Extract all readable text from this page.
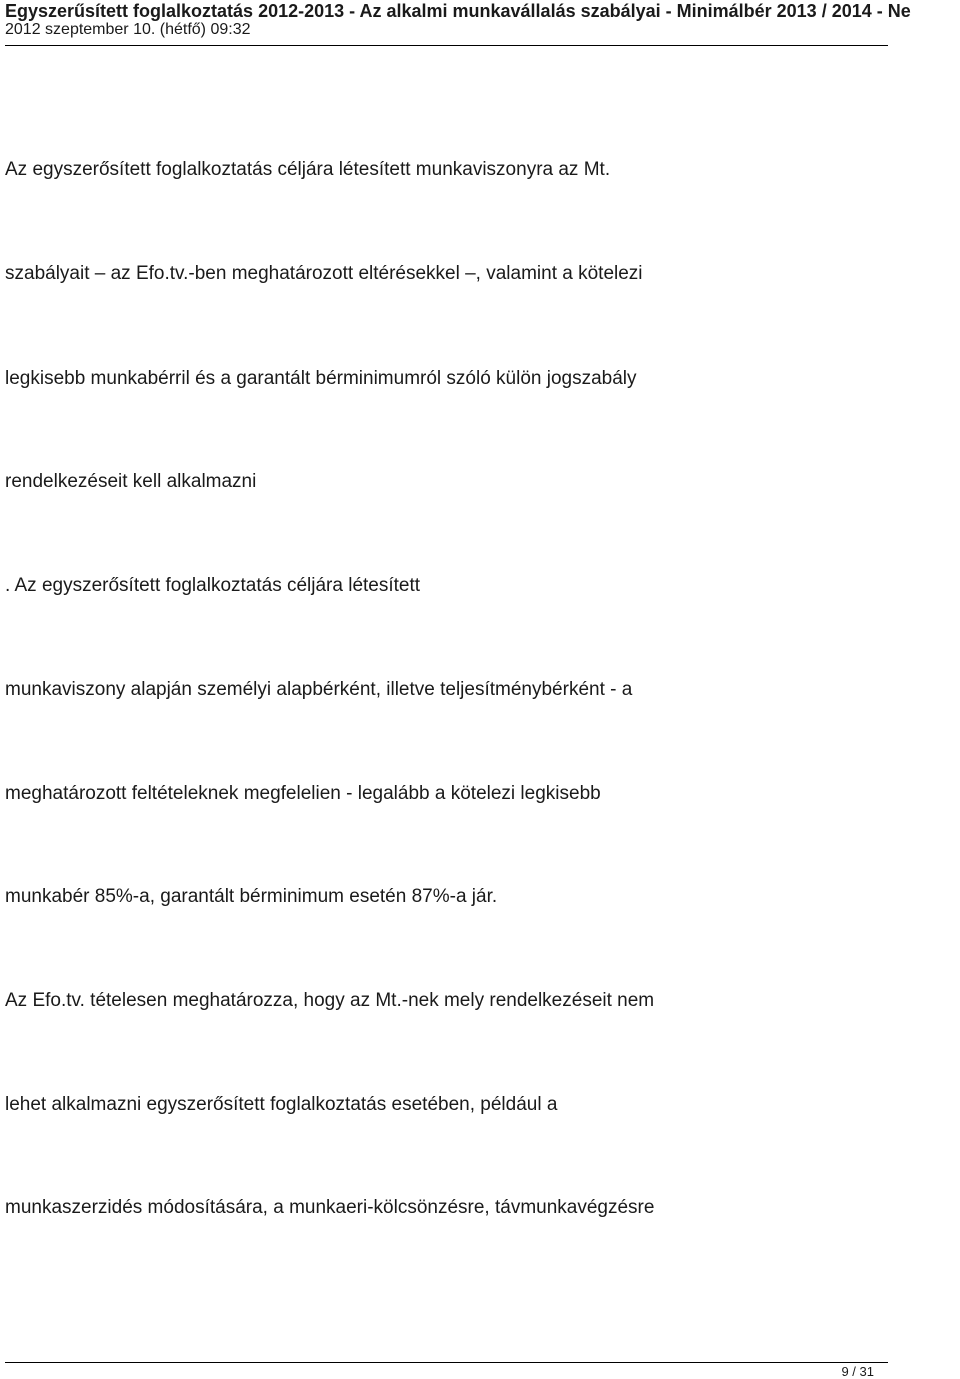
Egyszerűsített foglalkoztatás 2012-2013 - Az alkalmi munkavállalás szabályai - Minimálbér 2013 / 2014 - Ne
2012 szeptember 10. (hétfő) 09:32
Az egyszerősített foglalkoztatás céljára létesített munkaviszonyra az Mt.
szabályait – az Efo.tv.-ben meghatározott eltérésekkel –, valamint a kötelezi
legkisebb munkabérril és a garantált bérminimumról szóló külön jogszabály
rendelkezéseit kell alkalmazni
. Az egyszerősített foglalkoztatás céljára létesített
munkaviszony alapján személyi alapbérként, illetve teljesítménybérként - a
meghatározott feltételeknek megfelelien - legalább a kötelezi legkisebb
munkabér 85%-a, garantált bérminimum esetén 87%-a jár.
Az Efo.tv. tételesen meghatározza, hogy az Mt.-nek mely rendelkezéseit nem
lehet alkalmazni egyszerősített foglalkoztatás esetében, például a
munkaszerzidés módosítására, a munkaeri-kölcsönzésre, távmunkavégzésre
9 / 31
